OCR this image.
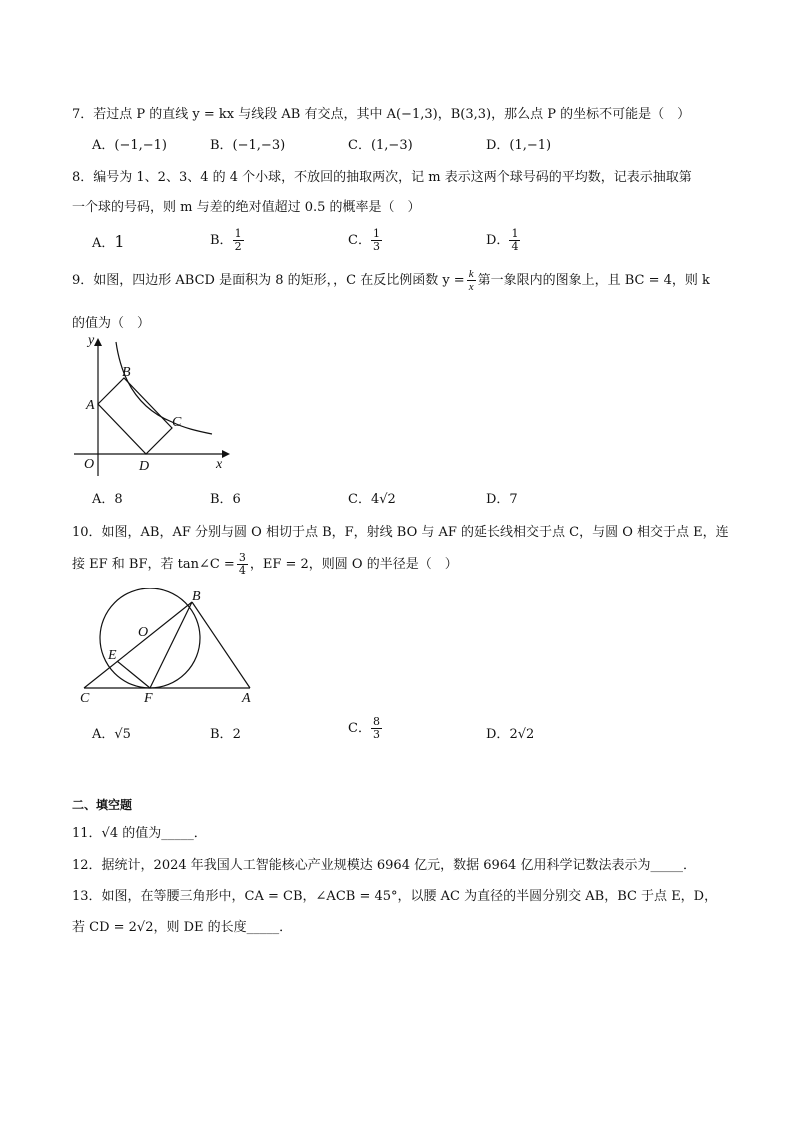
7．若过点 P 的直线 y = kx 与线段 AB 有交点，其中 A(−1,3)，B(3,3)，那么点 P 的坐标不可能是（　）
A．(−1,−1)	B．(−1,−3)	C．(1,−3)	D．(1,−1)
8．编号为 1、2、3、4 的 4 个小球，不放回的抽取两次，记 m 表示这两个球号码的平均数，记表示抽取第
一个球的号码，则 m 与差的绝对值超过 0.5 的概率是（　）
A．1	B． $\frac{1}{2}$	C． $\frac{1}{3}$	D． $\frac{1}{4}$
9．如图，四边形 ABCD 是面积为 8 的矩形，，C 在反比例函数 $y = \frac{k}{x}$ 第一象限内的图象上，且 BC = 4，则 k
的值为（　）
y
x
O
A
B
C
D
A．8	B．6	C．4√2	D．7
10．如图，AB，AF 分别与圆 O 相切于点 B，F，射线 BO 与 AF 的延长线相交于点 C，与圆 O 相交于点 E，连
接 EF 和 BF，若 tan∠C = $\frac{3}{4}$ ，EF = 2，则圆 O 的半径是（　）
B
O
E
C	F	A
A．√5	B．2	C． $\frac{8}{3}$	D．2√2
二、填空题
11．√4 的值为_____．
12．据统计，2024 年我国人工智能核心产业规模达 6964 亿元，数据 6964 亿用科学记数法表示为_____．
13．如图，在等腰三角形中，CA = CB，∠ACB = 45°，以腰 AC 为直径的半圆分别交 AB，BC 于点 E，D，
若 CD = 2√2，则 DE 的长度_____．
